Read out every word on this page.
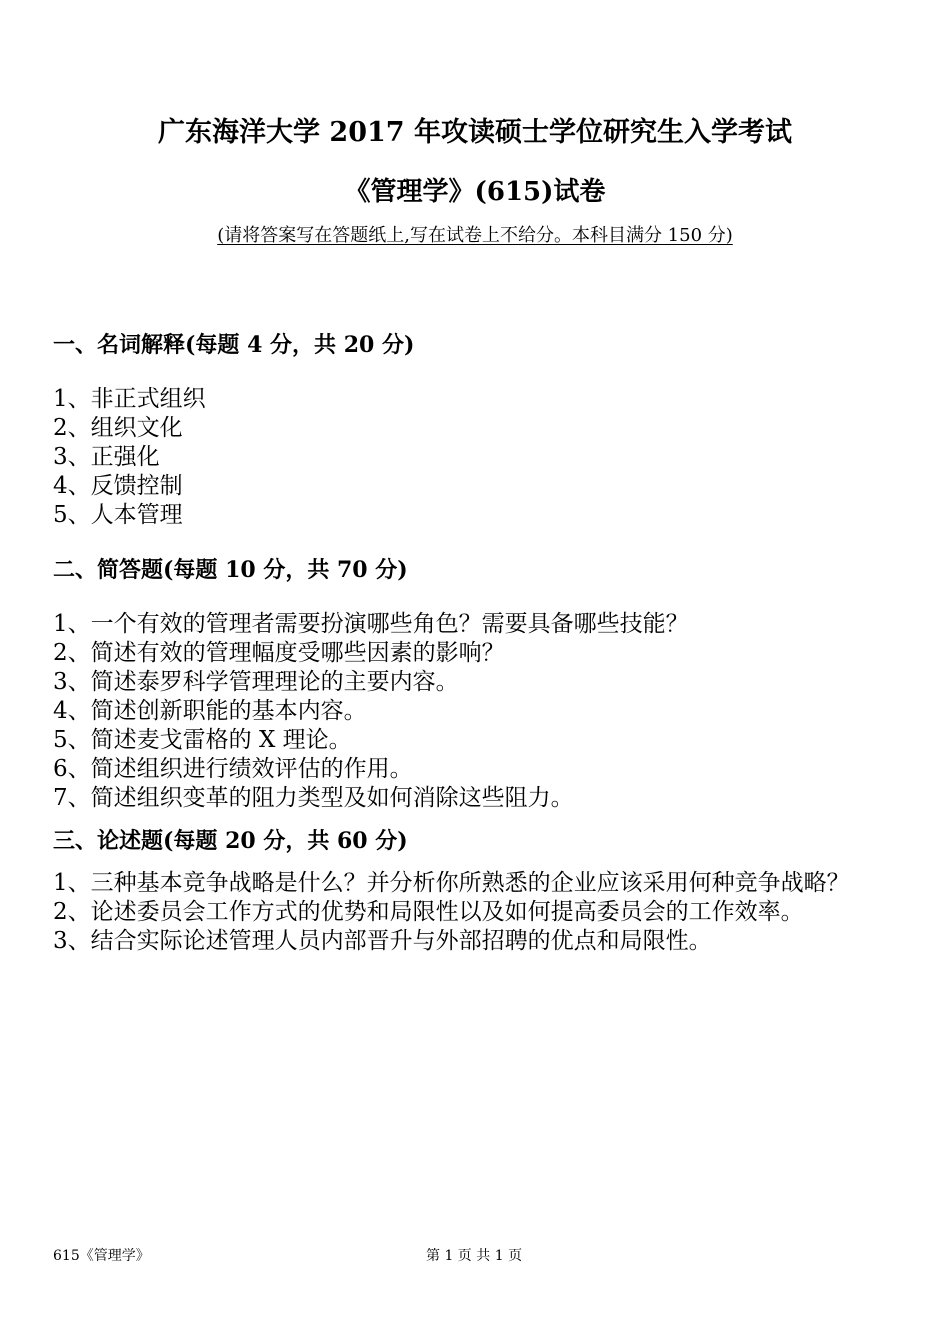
广东海洋大学 2017 年攻读硕士学位研究生入学考试
《管理学》(615)试卷
(请将答案写在答题纸上,写在试卷上不给分。本科目满分 150 分)
一、名词解释(每题 4 分，共 20 分)
1、非正式组织
2、组织文化
3、正强化
4、反馈控制
5、人本管理
二、简答题(每题 10 分，共 70 分)
1、一个有效的管理者需要扮演哪些角色？需要具备哪些技能？
2、简述有效的管理幅度受哪些因素的影响？
3、简述泰罗科学管理理论的主要内容。
4、简述创新职能的基本内容。
5、简述麦戈雷格的 X 理论。
6、简述组织进行绩效评估的作用。
7、简述组织变革的阻力类型及如何消除这些阻力。
三、论述题(每题 20 分，共 60 分)
1、三种基本竞争战略是什么？并分析你所熟悉的企业应该采用何种竞争战略？
2、论述委员会工作方式的优势和局限性以及如何提高委员会的工作效率。
3、结合实际论述管理人员内部晋升与外部招聘的优点和局限性。
615《管理学》	第 1 页 共 1 页
